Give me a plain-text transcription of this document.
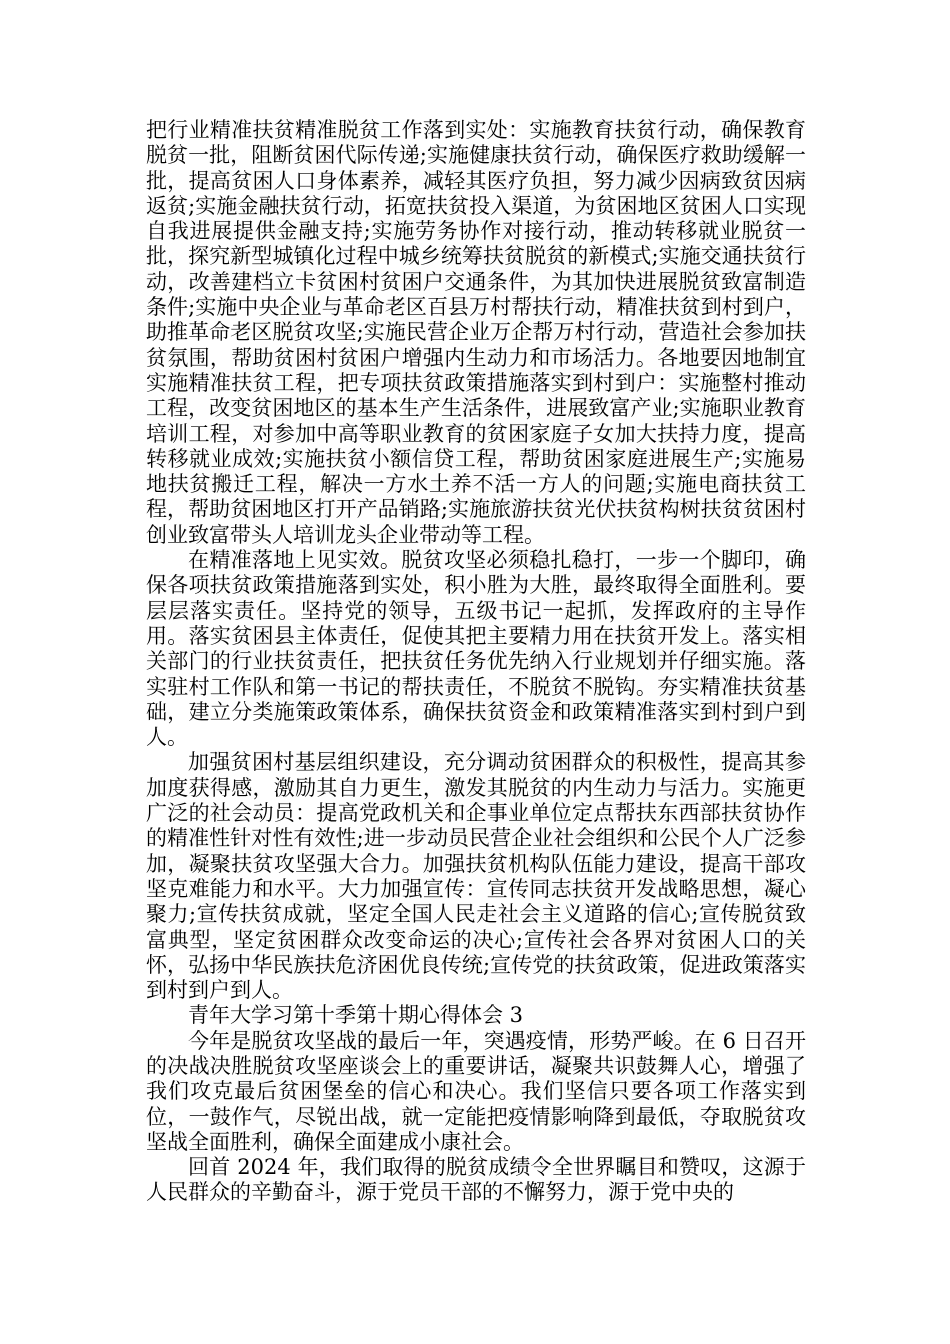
把行业精准扶贫精准脱贫工作落到实处：实施教育扶贫行动，确保教育脱贫一批，阻断贫困代际传递;实施健康扶贫行动，确保医疗救助缓解一批，提高贫困人口身体素养，减轻其医疗负担，努力减少因病致贫因病返贫;实施金融扶贫行动，拓宽扶贫投入渠道，为贫困地区贫困人口实现自我进展提供金融支持;实施劳务协作对接行动，推动转移就业脱贫一批，探究新型城镇化过程中城乡统筹扶贫脱贫的新模式;实施交通扶贫行动，改善建档立卡贫困村贫困户交通条件，为其加快进展脱贫致富制造条件;实施中央企业与革命老区百县万村帮扶行动，精准扶贫到村到户，助推革命老区脱贫攻坚;实施民营企业万企帮万村行动，营造社会参加扶贫氛围，帮助贫困村贫困户增强内生动力和市场活力。各地要因地制宜实施精准扶贫工程，把专项扶贫政策措施落实到村到户：实施整村推动工程，改变贫困地区的基本生产生活条件，进展致富产业;实施职业教育培训工程，对参加中高等职业教育的贫困家庭子女加大扶持力度，提高转移就业成效;实施扶贫小额信贷工程，帮助贫困家庭进展生产;实施易地扶贫搬迁工程，解决一方水土养不活一方人的问题;实施电商扶贫工程，帮助贫困地区打开产品销路;实施旅游扶贫光伏扶贫构树扶贫贫困村创业致富带头人培训龙头企业带动等工程。

在精准落地上见实效。脱贫攻坚必须稳扎稳打，一步一个脚印，确保各项扶贫政策措施落到实处，积小胜为大胜，最终取得全面胜利。要层层落实责任。坚持党的领导，五级书记一起抓，发挥政府的主导作用。落实贫困县主体责任，促使其把主要精力用在扶贫开发上。落实相关部门的行业扶贫责任，把扶贫任务优先纳入行业规划并仔细实施。落实驻村工作队和第一书记的帮扶责任，不脱贫不脱钩。夯实精准扶贫基础，建立分类施策政策体系，确保扶贫资金和政策精准落实到村到户到人。

加强贫困村基层组织建设，充分调动贫困群众的积极性，提高其参加度获得感，激励其自力更生，激发其脱贫的内生动力与活力。实施更广泛的社会动员：提高党政机关和企事业单位定点帮扶东西部扶贫协作的精准性针对性有效性;进一步动员民营企业社会组织和公民个人广泛参加，凝聚扶贫攻坚强大合力。加强扶贫机构队伍能力建设，提高干部攻坚克难能力和水平。大力加强宣传：宣传同志扶贫开发战略思想，凝心聚力;宣传扶贫成就，坚定全国人民走社会主义道路的信心;宣传脱贫致富典型，坚定贫困群众改变命运的决心;宣传社会各界对贫困人口的关怀，弘扬中华民族扶危济困优良传统;宣传党的扶贫政策，促进政策落实到村到户到人。

青年大学习第十季第十期心得体会 3

今年是脱贫攻坚战的最后一年，突遇疫情，形势严峻。在 6 日召开的决战决胜脱贫攻坚座谈会上的重要讲话，凝聚共识鼓舞人心，增强了我们攻克最后贫困堡垒的信心和决心。我们坚信只要各项工作落实到位，一鼓作气，尽锐出战，就一定能把疫情影响降到最低，夺取脱贫攻坚战全面胜利，确保全面建成小康社会。

回首 2024 年，我们取得的脱贫成绩令全世界瞩目和赞叹，这源于人民群众的辛勤奋斗，源于党员干部的不懈努力，源于党中央的
